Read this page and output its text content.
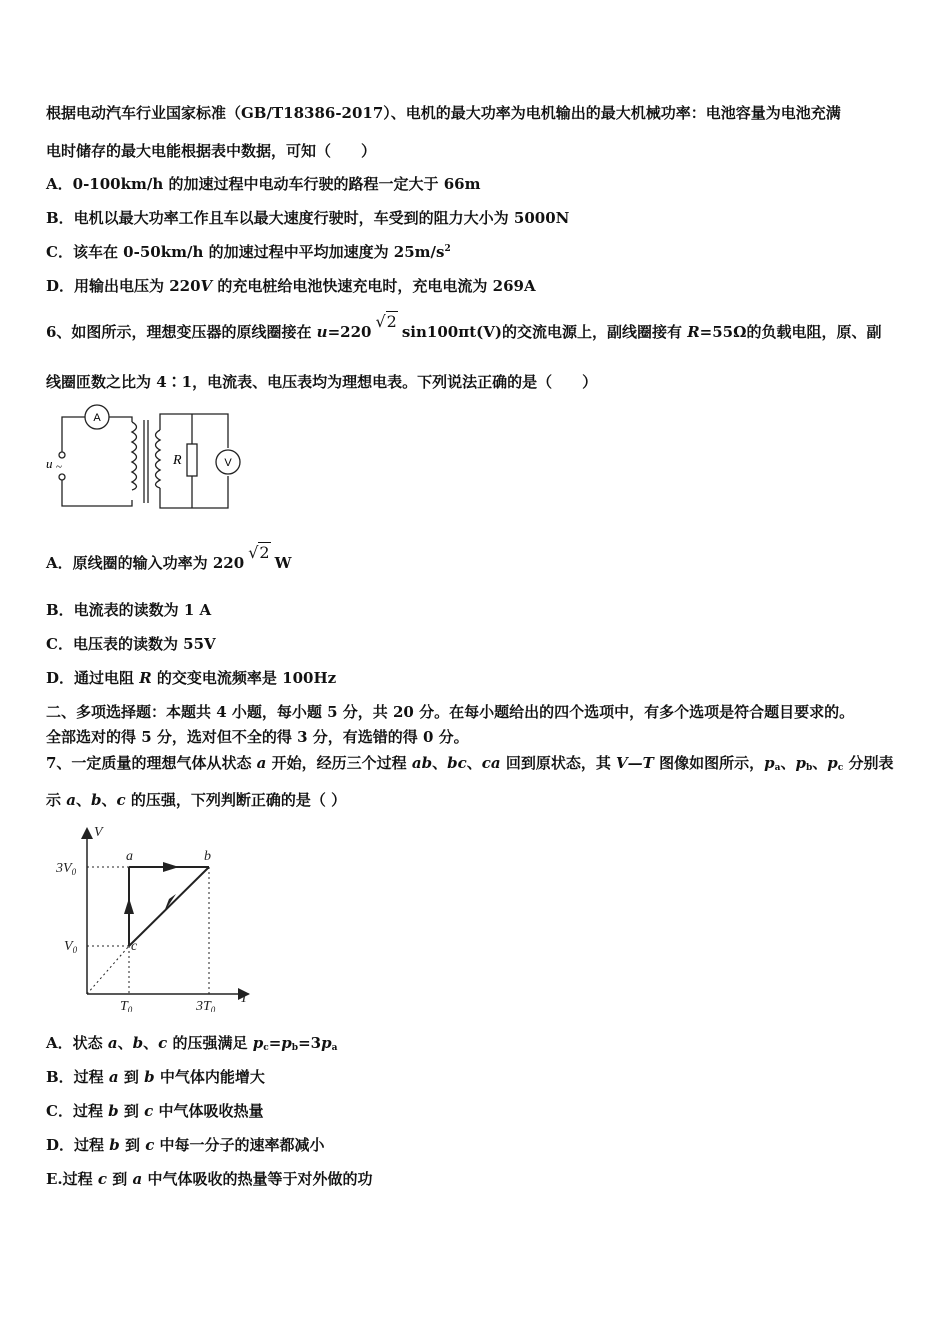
根据电动汽车行业国家标准（GB/T18386-2017）、电机的最大功率为电机输出的最大机械功率：电池容量为电池充满
电时储存的最大电能根据表中数据，可知（　　）
A．0-100km/h 的加速过程中电动车行驶的路程一定大于 66m
B．电机以最大功率工作且车以最大速度行驶时，车受到的阻力大小为 5000N
C．该车在 0-50km/h 的加速过程中平均加速度为 $25m/s^2$
D．用输出电压为 220V 的充电桩给电池快速充电时，充电电流为 269A
6、如图所示，理想变压器的原线圈接在 u=220√2sin100πt(V)的交流电源上，副线圈接有 R=55Ω的负载电阻，原、副
线圈匝数之比为 4∶1，电流表、电压表均为理想电表。下列说法正确的是（　　）
A
V
u ~	R
A．原线圈的输入功率为 220√2W
B．电流表的读数为 1 A
C．电压表的读数为 55V
D．通过电阻 R 的交变电流频率是 100Hz
二、多项选择题：本题共 4 小题，每小题 5 分，共 20 分。在每小题给出的四个选项中，有多个选项是符合题目要求的。
全部选对的得 5 分，选对但不全的得 3 分，有选错的得 0 分。
7、一定质量的理想气体从状态 a 开始，经历三个过程 ab、bc、ca 回到原状态，其 V—T 图像如图所示，$p_a$、$p_b$、$p_c$ 分别表
示 a、b、c 的压强，下列判断正确的是（ ）
V
T
$3V_0$
$V_0$
$T_0$	$3T_0$
a	b
c
A．状态 a、b、c 的压强满足 $p_c=p_b=3p_a$
B．过程 a 到 b 中气体内能增大
C．过程 b 到 c 中气体吸收热量
D．过程 b 到 c 中每一分子的速率都减小
E.过程 c 到 a 中气体吸收的热量等于对外做的功
